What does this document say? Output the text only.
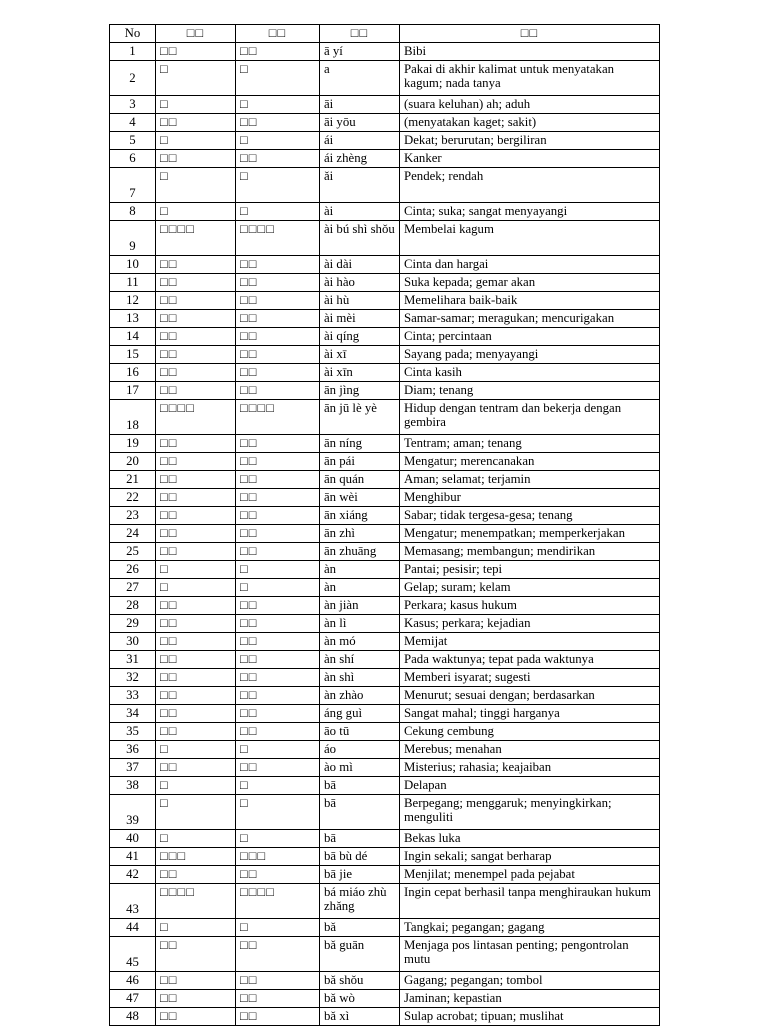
No	□□	□□	□□	□□
1	□□	□□	ā yí	Bibi
2	□	□	a	Pakai di akhir kalimat untuk menyatakan kagum; nada tanya
3	□	□	āi	(suara keluhan) ah; aduh
4	□□	□□	āi yōu	(menyatakan kaget; sakit)
5	□	□	ái	Dekat; berurutan; bergiliran
6	□□	□□	ái zhèng	Kanker
7	□	□	ǎi	Pendek; rendah
8	□	□	ài	Cinta; suka; sangat menyayangi
9	□□□□	□□□□	ài bú shì shǒu	Membelai kagum
10	□□	□□	ài dài	Cinta dan hargai
11	□□	□□	ài hào	Suka kepada; gemar akan
12	□□	□□	ài hù	Memelihara baik-baik
13	□□	□□	ài mèi	Samar-samar; meragukan; mencurigakan
14	□□	□□	ài qíng	Cinta; percintaan
15	□□	□□	ài xī	Sayang pada; menyayangi
16	□□	□□	ài xīn	Cinta kasih
17	□□	□□	ān jìng	Diam; tenang
18	□□□□	□□□□	ān jū lè yè	Hidup dengan tentram dan bekerja dengan gembira
19	□□	□□	ān níng	Tentram; aman; tenang
20	□□	□□	ān pái	Mengatur; merencanakan
21	□□	□□	ān quán	Aman; selamat; terjamin
22	□□	□□	ān wèi	Menghibur
23	□□	□□	ān xiáng	Sabar; tidak tergesa-gesa; tenang
24	□□	□□	ān zhì	Mengatur; menempatkan; memperkerjakan
25	□□	□□	ān zhuāng	Memasang; membangun; mendirikan
26	□	□	àn	Pantai; pesisir; tepi
27	□	□	àn	Gelap; suram; kelam
28	□□	□□	àn jiàn	Perkara; kasus hukum
29	□□	□□	àn lì	Kasus; perkara; kejadian
30	□□	□□	àn mó	Memijat
31	□□	□□	àn shí	Pada waktunya; tepat pada waktunya
32	□□	□□	àn shì	Memberi isyarat; sugesti
33	□□	□□	àn zhào	Menurut; sesuai dengan; berdasarkan
34	□□	□□	áng guì	Sangat mahal; tinggi harganya
35	□□	□□	āo tū	Cekung cembung
36	□	□	áo	Merebus; menahan
37	□□	□□	ào mì	Misterius; rahasia; keajaiban
38	□	□	bā	Delapan
39	□	□	bā	Berpegang; menggaruk; menyingkirkan; menguliti
40	□	□	bā	Bekas luka
41	□□□	□□□	bā bù dé	Ingin sekali; sangat berharap
42	□□	□□	bā jie	Menjilat; menempel pada pejabat
43	□□□□	□□□□	bá miáo zhù zhǎng	Ingin cepat berhasil tanpa menghiraukan hukum
44	□	□	bǎ	Tangkai; pegangan; gagang
45	□□	□□	bǎ guān	Menjaga pos lintasan penting; pengontrolan mutu
46	□□	□□	bǎ shǒu	Gagang; pegangan; tombol
47	□□	□□	bǎ wò	Jaminan; kepastian
48	□□	□□	bǎ xì	Sulap acrobat; tipuan; muslihat
